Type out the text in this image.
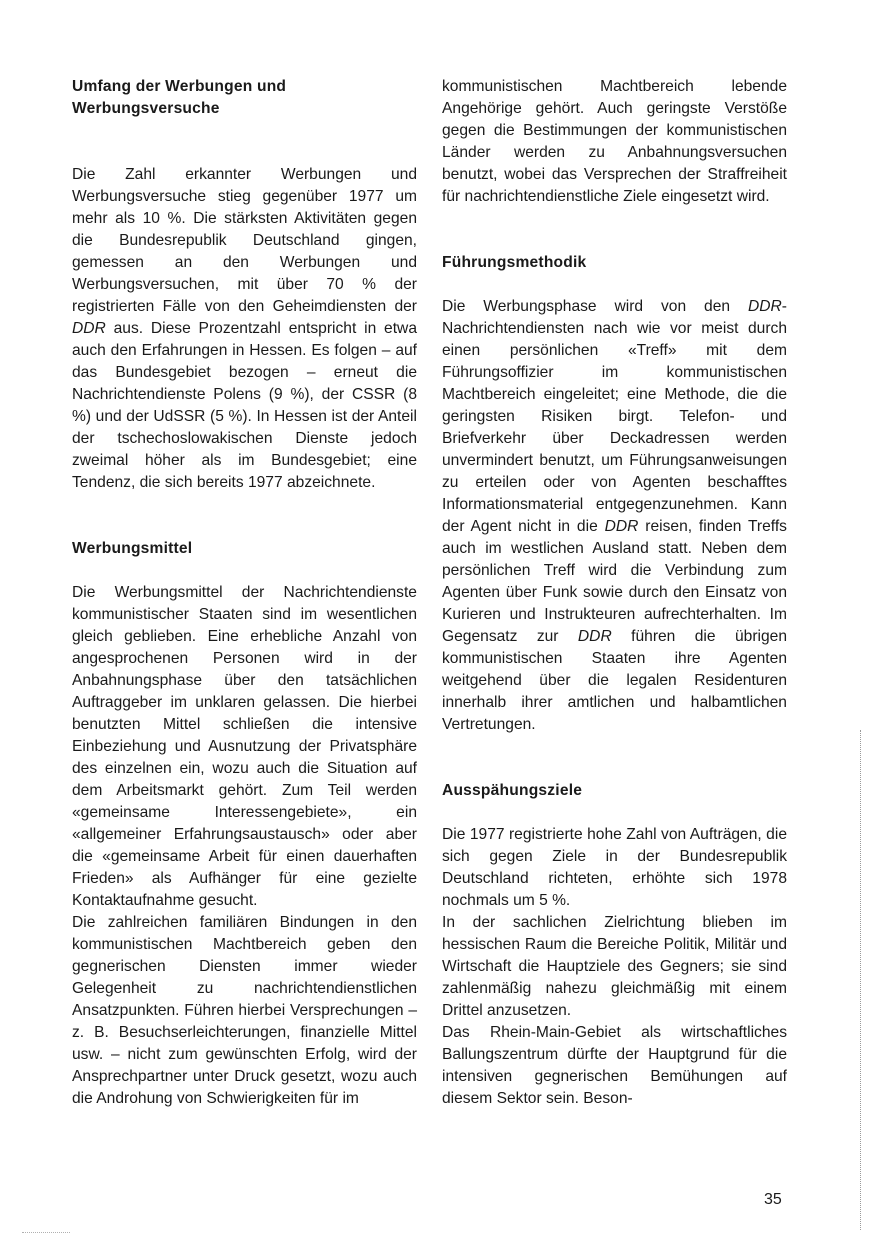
Umfang der Werbungen und Werbungsversuche

Die Zahl erkannter Werbungen und Werbungsversuche stieg gegenüber 1977 um mehr als 10 %. Die stärksten Aktivitäten gegen die Bundesrepublik Deutschland gingen, gemessen an den Werbungen und Werbungsversuchen, mit über 70 % der registrierten Fälle von den Geheimdiensten der DDR aus. Diese Prozentzahl entspricht in etwa auch den Erfahrungen in Hessen. Es folgen – auf das Bundesgebiet bezogen – erneut die Nachrichtendienste Polens (9 %), der CSSR (8 %) und der UdSSR (5 %). In Hessen ist der Anteil der tschechoslowakischen Dienste jedoch zweimal höher als im Bundesgebiet; eine Tendenz, die sich bereits 1977 abzeichnete.

Werbungsmittel

Die Werbungsmittel der Nachrichtendienste kommunistischer Staaten sind im wesentlichen gleich geblieben. Eine erhebliche Anzahl von angesprochenen Personen wird in der Anbahnungsphase über den tatsächlichen Auftraggeber im unklaren gelassen. Die hierbei benutzten Mittel schließen die intensive Einbeziehung und Ausnutzung der Privatsphäre des einzelnen ein, wozu auch die Situation auf dem Arbeitsmarkt gehört. Zum Teil werden «gemeinsame Interessengebiete», ein «allgemeiner Erfahrungsaustausch» oder aber die «gemeinsame Arbeit für einen dauerhaften Frieden» als Aufhänger für eine gezielte Kontaktaufnahme gesucht.

Die zahlreichen familiären Bindungen in den kommunistischen Machtbereich geben den gegnerischen Diensten immer wieder Gelegenheit zu nachrichtendienstlichen Ansatzpunkten. Führen hierbei Versprechungen – z. B. Besuchserleichterungen, finanzielle Mittel usw. – nicht zum gewünschten Erfolg, wird der Ansprechpartner unter Druck gesetzt, wozu auch die Androhung von Schwierigkeiten für im

kommunistischen Machtbereich lebende Angehörige gehört. Auch geringste Verstöße gegen die Bestimmungen der kommunistischen Länder werden zu Anbahnungsversuchen benutzt, wobei das Versprechen der Straffreiheit für nachrichtendienstliche Ziele eingesetzt wird.

Führungsmethodik

Die Werbungsphase wird von den DDR-Nachrichtendiensten nach wie vor meist durch einen persönlichen «Treff» mit dem Führungsoffizier im kommunistischen Machtbereich eingeleitet; eine Methode, die die geringsten Risiken birgt. Telefon- und Briefverkehr über Deckadressen werden unvermindert benutzt, um Führungsanweisungen zu erteilen oder von Agenten beschafftes Informationsmaterial entgegenzunehmen. Kann der Agent nicht in die DDR reisen, finden Treffs auch im westlichen Ausland statt. Neben dem persönlichen Treff wird die Verbindung zum Agenten über Funk sowie durch den Einsatz von Kurieren und Instrukteuren aufrechterhalten. Im Gegensatz zur DDR führen die übrigen kommunistischen Staaten ihre Agenten weitgehend über die legalen Residenturen innerhalb ihrer amtlichen und halbamtlichen Vertretungen.

Ausspähungsziele

Die 1977 registrierte hohe Zahl von Aufträgen, die sich gegen Ziele in der Bundesrepublik Deutschland richteten, erhöhte sich 1978 nochmals um 5 %.

In der sachlichen Zielrichtung blieben im hessischen Raum die Bereiche Politik, Militär und Wirtschaft die Hauptziele des Gegners; sie sind zahlenmäßig nahezu gleichmäßig mit einem Drittel anzusetzen.

Das Rhein-Main-Gebiet als wirtschaftliches Ballungszentrum dürfte der Hauptgrund für die intensiven gegnerischen Bemühungen auf diesem Sektor sein. Beson-

35
